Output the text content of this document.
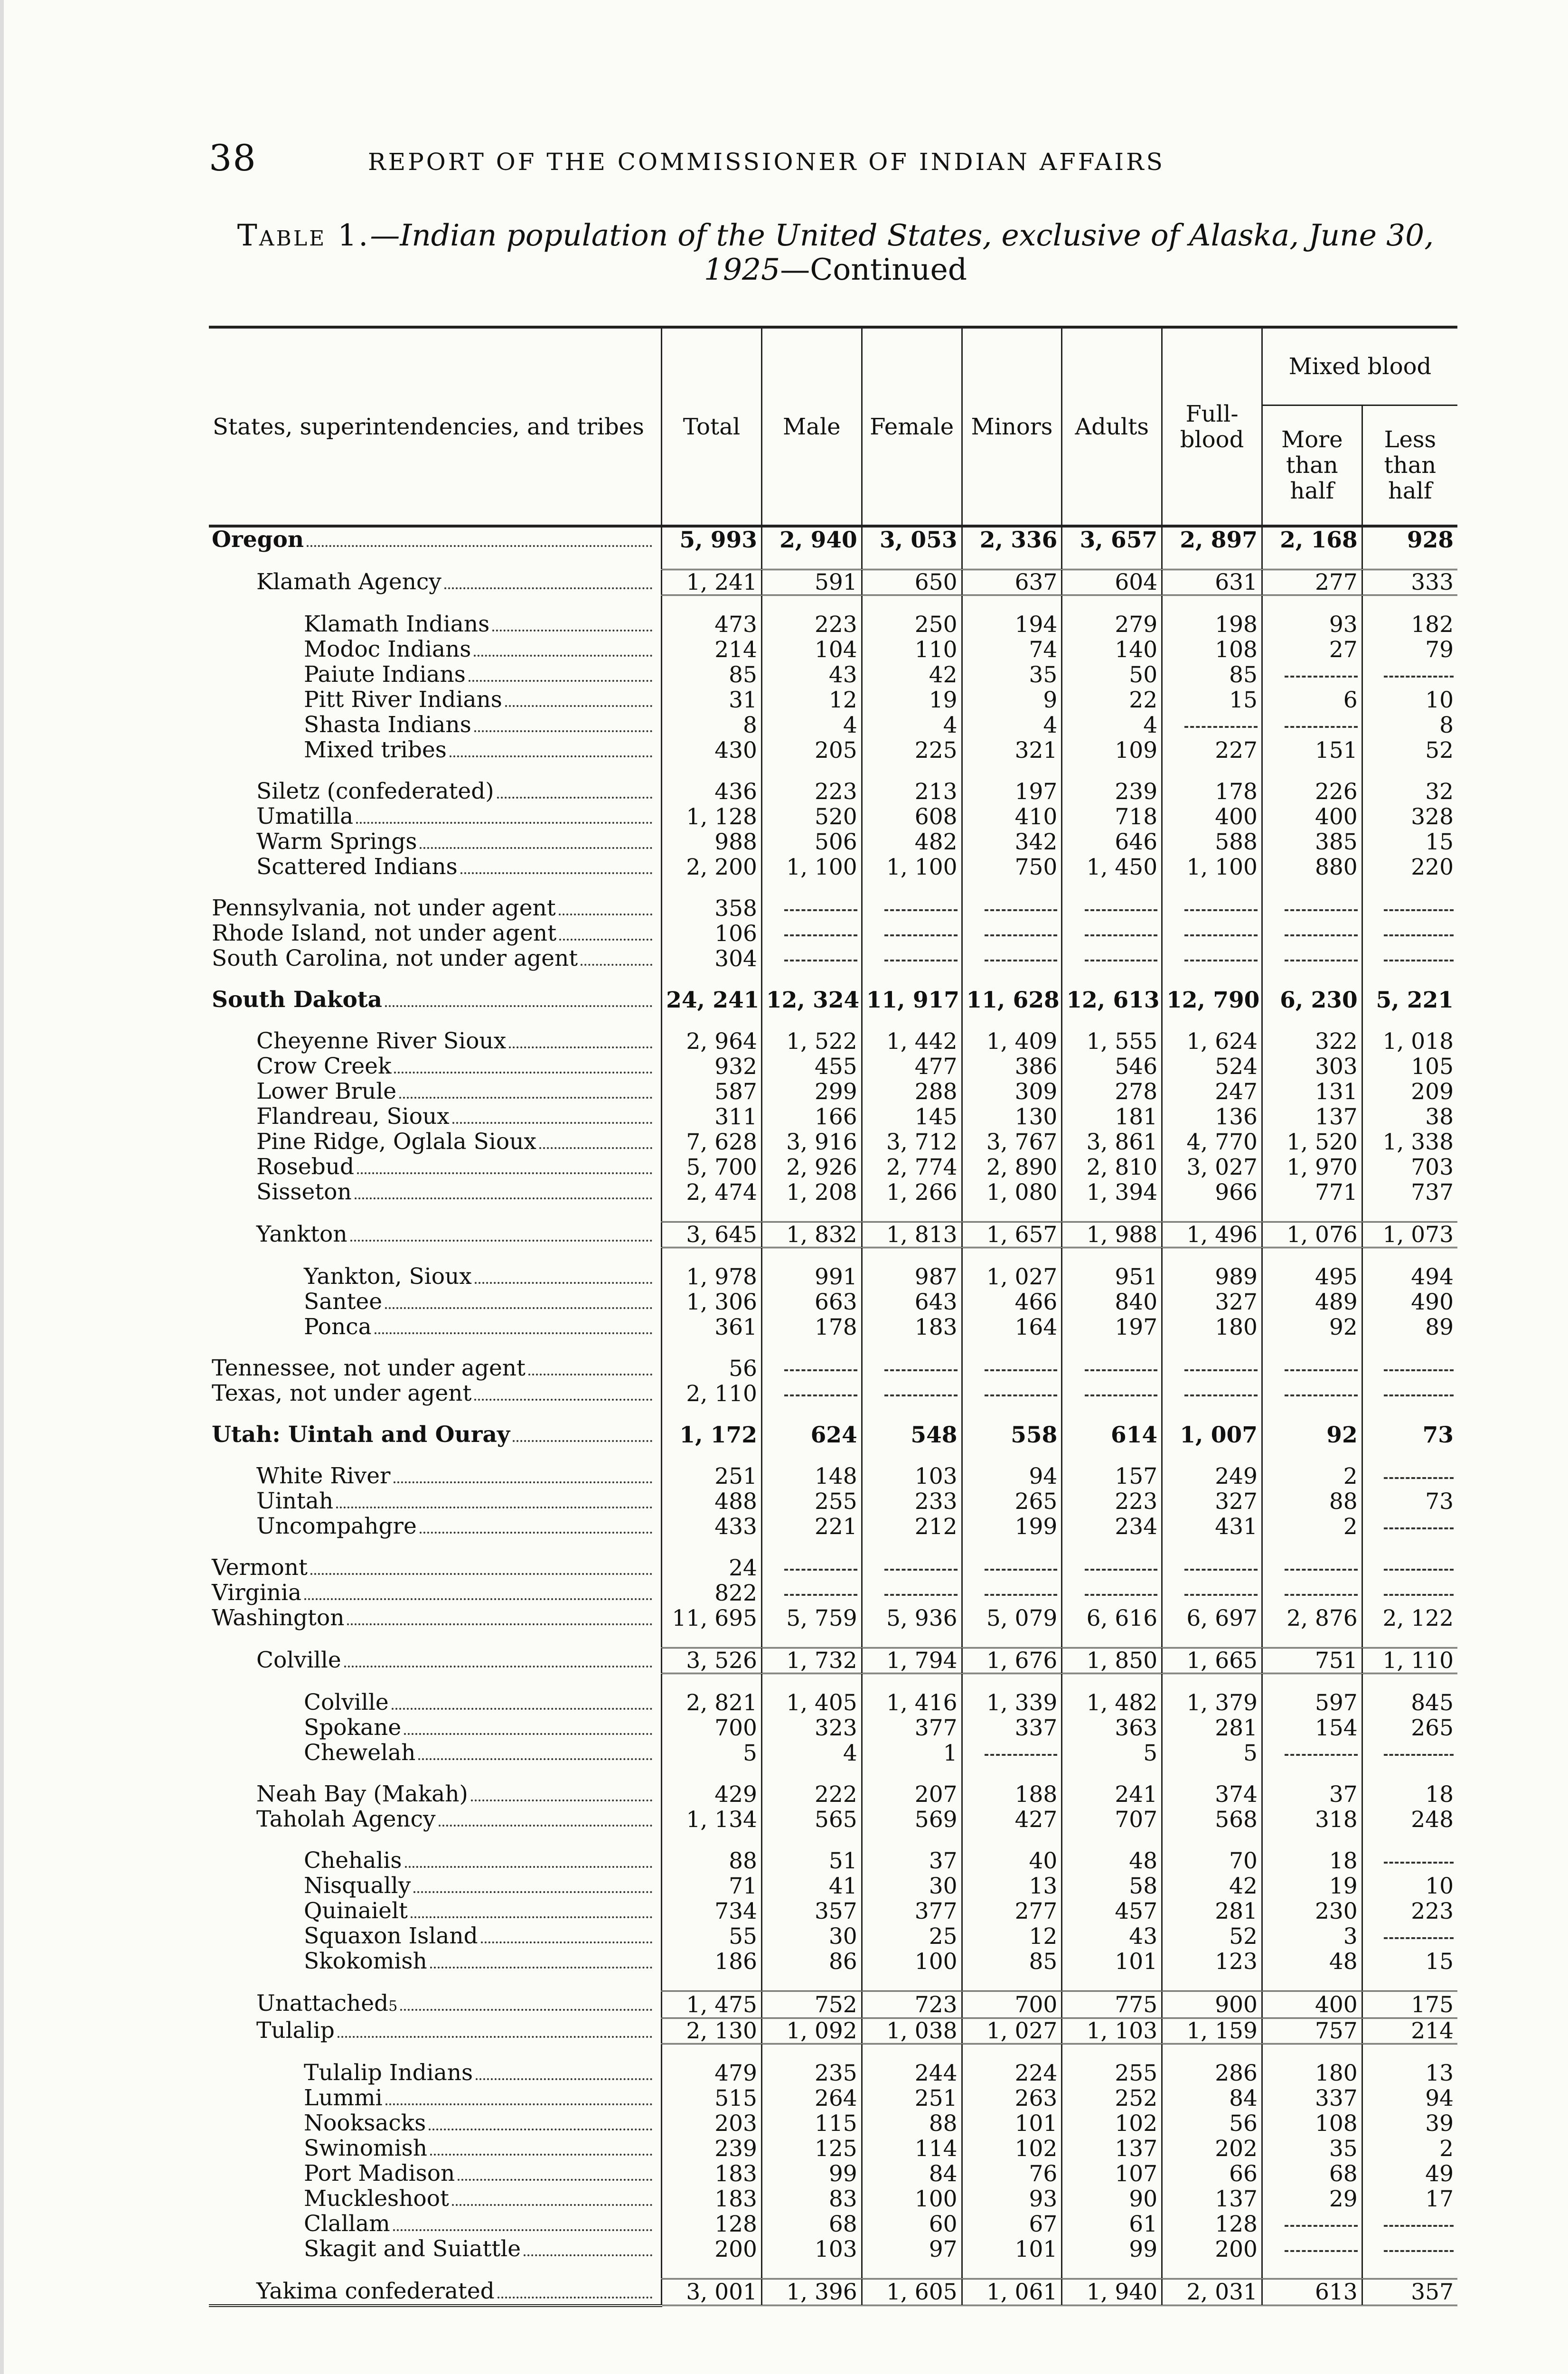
38	REPORT OF THE COMMISSIONER OF INDIAN AFFAIRS
Table 1.—Indian population of the United States, exclusive of Alaska, June 30,
1925—Continued
States, superintendencies, and tribes	Total	Male	Female	Minors	Adults	Full-blood	Mixed blood	
							More than half	Less than half

Oregon	5, 993	2, 940	3, 053	2, 336	3, 657	2, 897	2, 168	928

Klamath Agency	1, 241	591	650	637	604	631	277	333

Klamath Indians	473	223	250	194	279	198	93	182

Modoc Indians	214	104	110	74	140	108	27	79

Paiute Indians	85	43	42	35	50	85		

Pitt River Indians	31	12	19	9	22	15	6	10

Shasta Indians	8	4	4	4	4			8

Mixed tribes	430	205	225	321	109	227	151	52

Siletz (confederated)	436	223	213	197	239	178	226	32

Umatilla	1, 128	520	608	410	718	400	400	328

Warm Springs	988	506	482	342	646	588	385	15

Scattered Indians	2, 200	1, 100	1, 100	750	1, 450	1, 100	880	220

Pennsylvania, not under agent	358							

Rhode Island, not under agent	106							

South Carolina, not under agent	304							

South Dakota	24, 241	12, 324	11, 917	11, 628	12, 613	12, 790	6, 230	5, 221

Cheyenne River Sioux	2, 964	1, 522	1, 442	1, 409	1, 555	1, 624	322	1, 018

Crow Creek	932	455	477	386	546	524	303	105

Lower Brule	587	299	288	309	278	247	131	209

Flandreau, Sioux	311	166	145	130	181	136	137	38

Pine Ridge, Oglala Sioux	7, 628	3, 916	3, 712	3, 767	3, 861	4, 770	1, 520	1, 338

Rosebud	5, 700	2, 926	2, 774	2, 890	2, 810	3, 027	1, 970	703

Sisseton	2, 474	1, 208	1, 266	1, 080	1, 394	966	771	737

Yankton	3, 645	1, 832	1, 813	1, 657	1, 988	1, 496	1, 076	1, 073

Yankton, Sioux	1, 978	991	987	1, 027	951	989	495	494

Santee	1, 306	663	643	466	840	327	489	490

Ponca	361	178	183	164	197	180	92	89

Tennessee, not under agent	56							

Texas, not under agent	2, 110							

Utah: Uintah and Ouray	1, 172	624	548	558	614	1, 007	92	73

White River	251	148	103	94	157	249	2	

Uintah	488	255	233	265	223	327	88	73

Uncompahgre	433	221	212	199	234	431	2	

Vermont	24							

Virginia	822							

Washington	11, 695	5, 759	5, 936	5, 079	6, 616	6, 697	2, 876	2, 122

Colville	3, 526	1, 732	1, 794	1, 676	1, 850	1, 665	751	1, 110

Colville	2, 821	1, 405	1, 416	1, 339	1, 482	1, 379	597	845

Spokane	700	323	377	337	363	281	154	265

Chewelah	5	4	1		5	5		

Neah Bay (Makah)	429	222	207	188	241	374	37	18

Taholah Agency	1, 134	565	569	427	707	568	318	248

Chehalis	88	51	37	40	48	70	18	

Nisqually	71	41	30	13	58	42	19	10

Quinaielt	734	357	377	277	457	281	230	223

Squaxon Island	55	30	25	12	43	52	3	

Skokomish	186	86	100	85	101	123	48	15

Unattached 5	1, 475	752	723	700	775	900	400	175

Tulalip	2, 130	1, 092	1, 038	1, 027	1, 103	1, 159	757	214

Tulalip Indians	479	235	244	224	255	286	180	13

Lummi	515	264	251	263	252	84	337	94

Nooksacks	203	115	88	101	102	56	108	39

Swinomish	239	125	114	102	137	202	35	2

Port Madison	183	99	84	76	107	66	68	49

Muckleshoot	183	83	100	93	90	137	29	17

Clallam	128	68	60	67	61	128		

Skagit and Suiattle	200	103	97	101	99	200		

Yakima confederated	3, 001	1, 396	1, 605	1, 061	1, 940	2, 031	613	357
